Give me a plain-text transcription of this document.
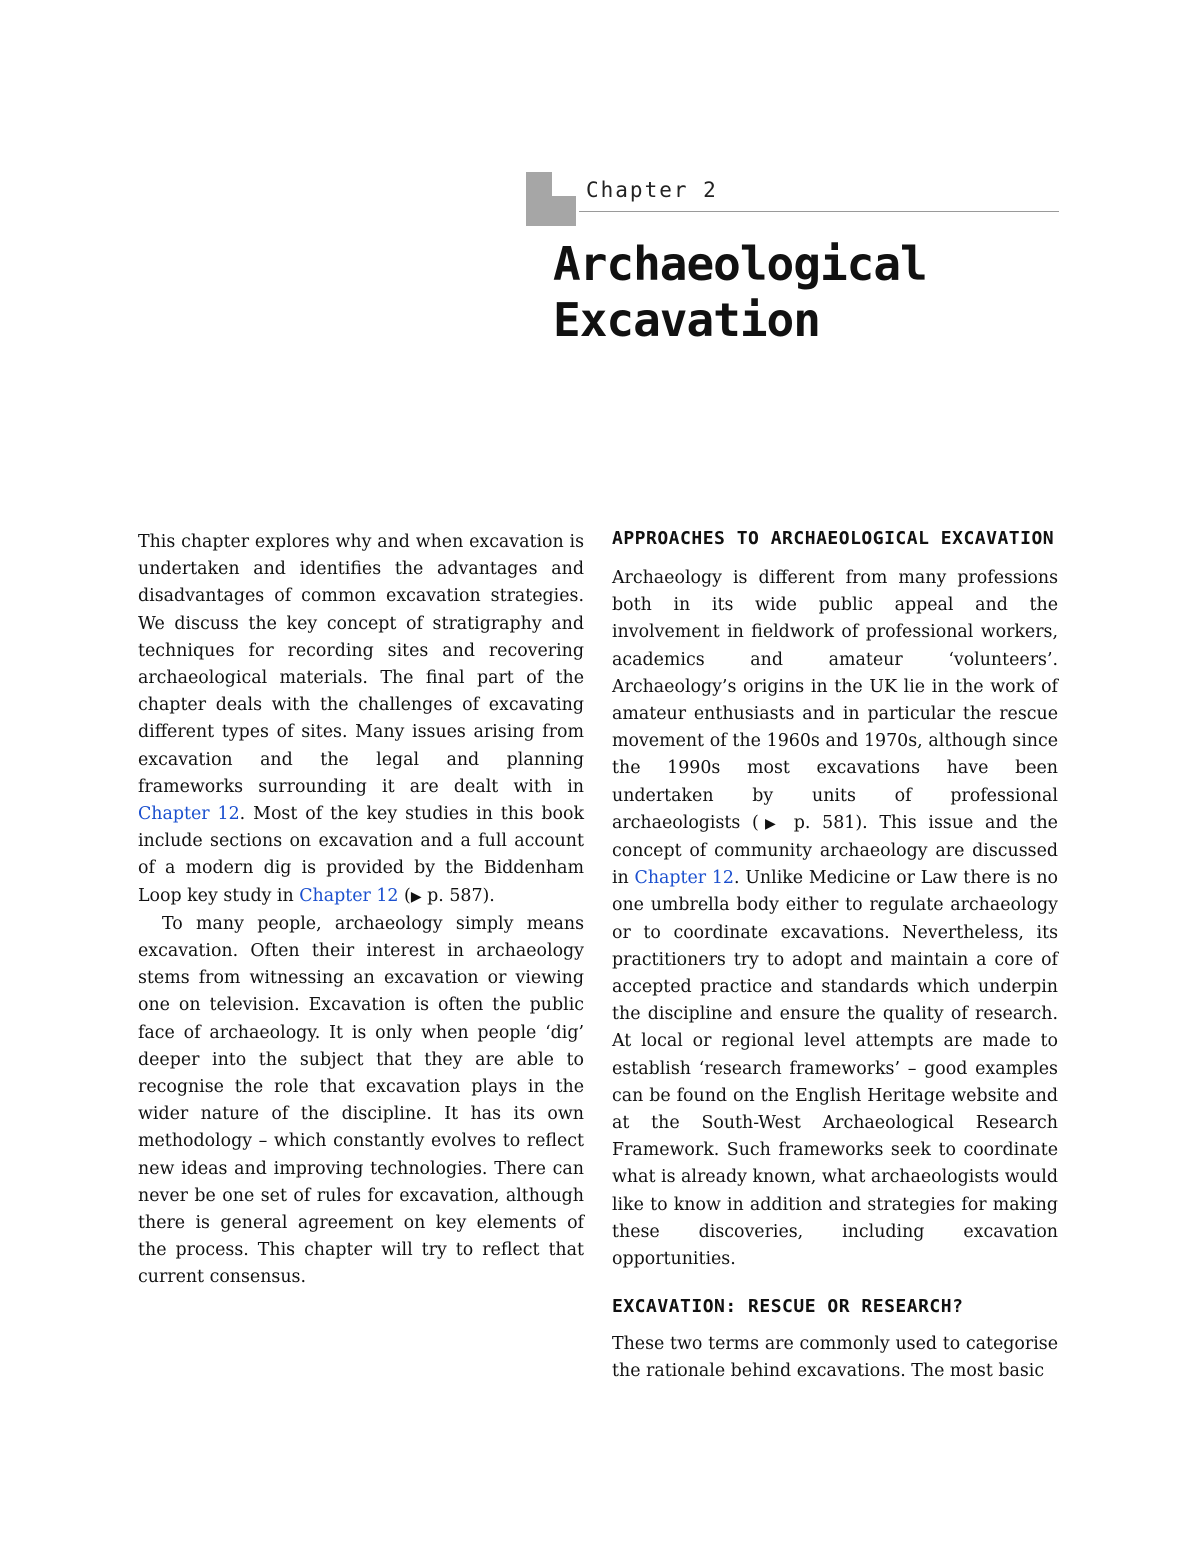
Chapter 2
Archaeological
Excavation

This chapter explores why and when excavation is undertaken and identifies the advantages and disadvantages of common excavation strategies. We discuss the key concept of stratigraphy and techniques for recording sites and recovering archaeological materials. The final part of the chapter deals with the challenges of excavating different types of sites. Many issues arising from excavation and the legal and planning frameworks surrounding it are dealt with in Chapter 12. Most of the key studies in this book include sections on excavation and a full account of a modern dig is provided by the Biddenham Loop key study in Chapter 12 (▶ p. 587).

To many people, archaeology simply means excavation. Often their interest in archaeology stems from witnessing an excavation or viewing one on television. Excavation is often the public face of archaeology. It is only when people ‘dig’ deeper into the subject that they are able to recognise the role that excavation plays in the wider nature of the discipline. It has its own methodology – which constantly evolves to reflect new ideas and improving technologies. There can never be one set of rules for excavation, although there is general agreement on key elements of the process. This chapter will try to reflect that current consensus.

APPROACHES TO ARCHAEOLOGICAL EXCAVATION

Archaeology is different from many professions both in its wide public appeal and the involvement in fieldwork of professional workers, academics and amateur ‘volunteers’. Archaeology’s origins in the UK lie in the work of amateur enthusiasts and in particular the rescue movement of the 1960s and 1970s, although since the 1990s most excavations have been undertaken by units of professional archaeologists (▶ p. 581). This issue and the concept of community archaeology are discussed in Chapter 12. Unlike Medicine or Law there is no one umbrella body either to regulate archaeology or to coordinate excavations. Nevertheless, its practitioners try to adopt and maintain a core of accepted practice and standards which underpin the discipline and ensure the quality of research. At local or regional level attempts are made to establish ‘research frameworks’ – good examples can be found on the English Heritage website and at the South-West Archaeological Research Framework. Such frameworks seek to coordinate what is already known, what archaeologists would like to know in addition and strategies for making these discoveries, including excavation opportunities.

EXCAVATION: RESCUE OR RESEARCH?

These two terms are commonly used to categorise the rationale behind excavations. The most basic
